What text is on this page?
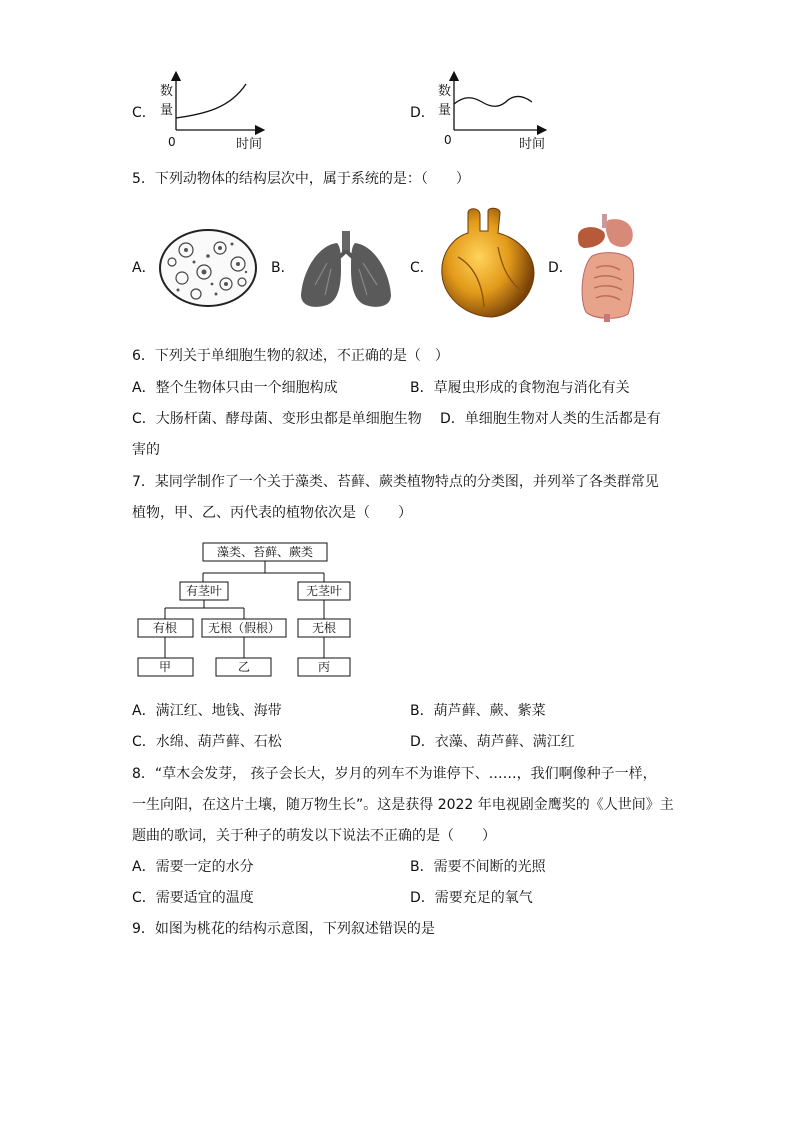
C．
数
量
0	时间
D．
数
量
0	时间
5．下列动物体的结构层次中，属于系统的是：（　　）
A．	B．	C．	D．
6．下列关于单细胞生物的叙述，不正确的是（　）
A．整个生物体只由一个细胞构成	B．草履虫形成的食物泡与消化有关
C．大肠杆菌、酵母菌、变形虫都是单细胞生物 D．单细胞生物对人类的生活都是有
害的
7．某同学制作了一个关于藻类、苔藓、蕨类植物特点的分类图，并列举了各类群常见
植物，甲、乙、丙代表的植物依次是（　　）
藻类、苔藓、蕨类
有茎叶	无茎叶
有根	无根（假根）	无根
甲	乙	丙
A．满江红、地钱、海带	B．葫芦藓、蕨、紫菜
C．水绵、葫芦藓、石松	D．衣藻、葫芦藓、满江红
8．“草木会发芽， 孩子会长大，岁月的列车不为谁停下、……，我们啊像种子一样，
一生向阳，在这片土壤，随万物生长”。这是获得 2022 年电视剧金鹰奖的《人世间》主
题曲的歌词，关于种子的萌发以下说法不正确的是（　　）
A．需要一定的水分	B．需要不间断的光照
C．需要适宜的温度	D．需要充足的氧气
9．如图为桃花的结构示意图，下列叙述错误的是
